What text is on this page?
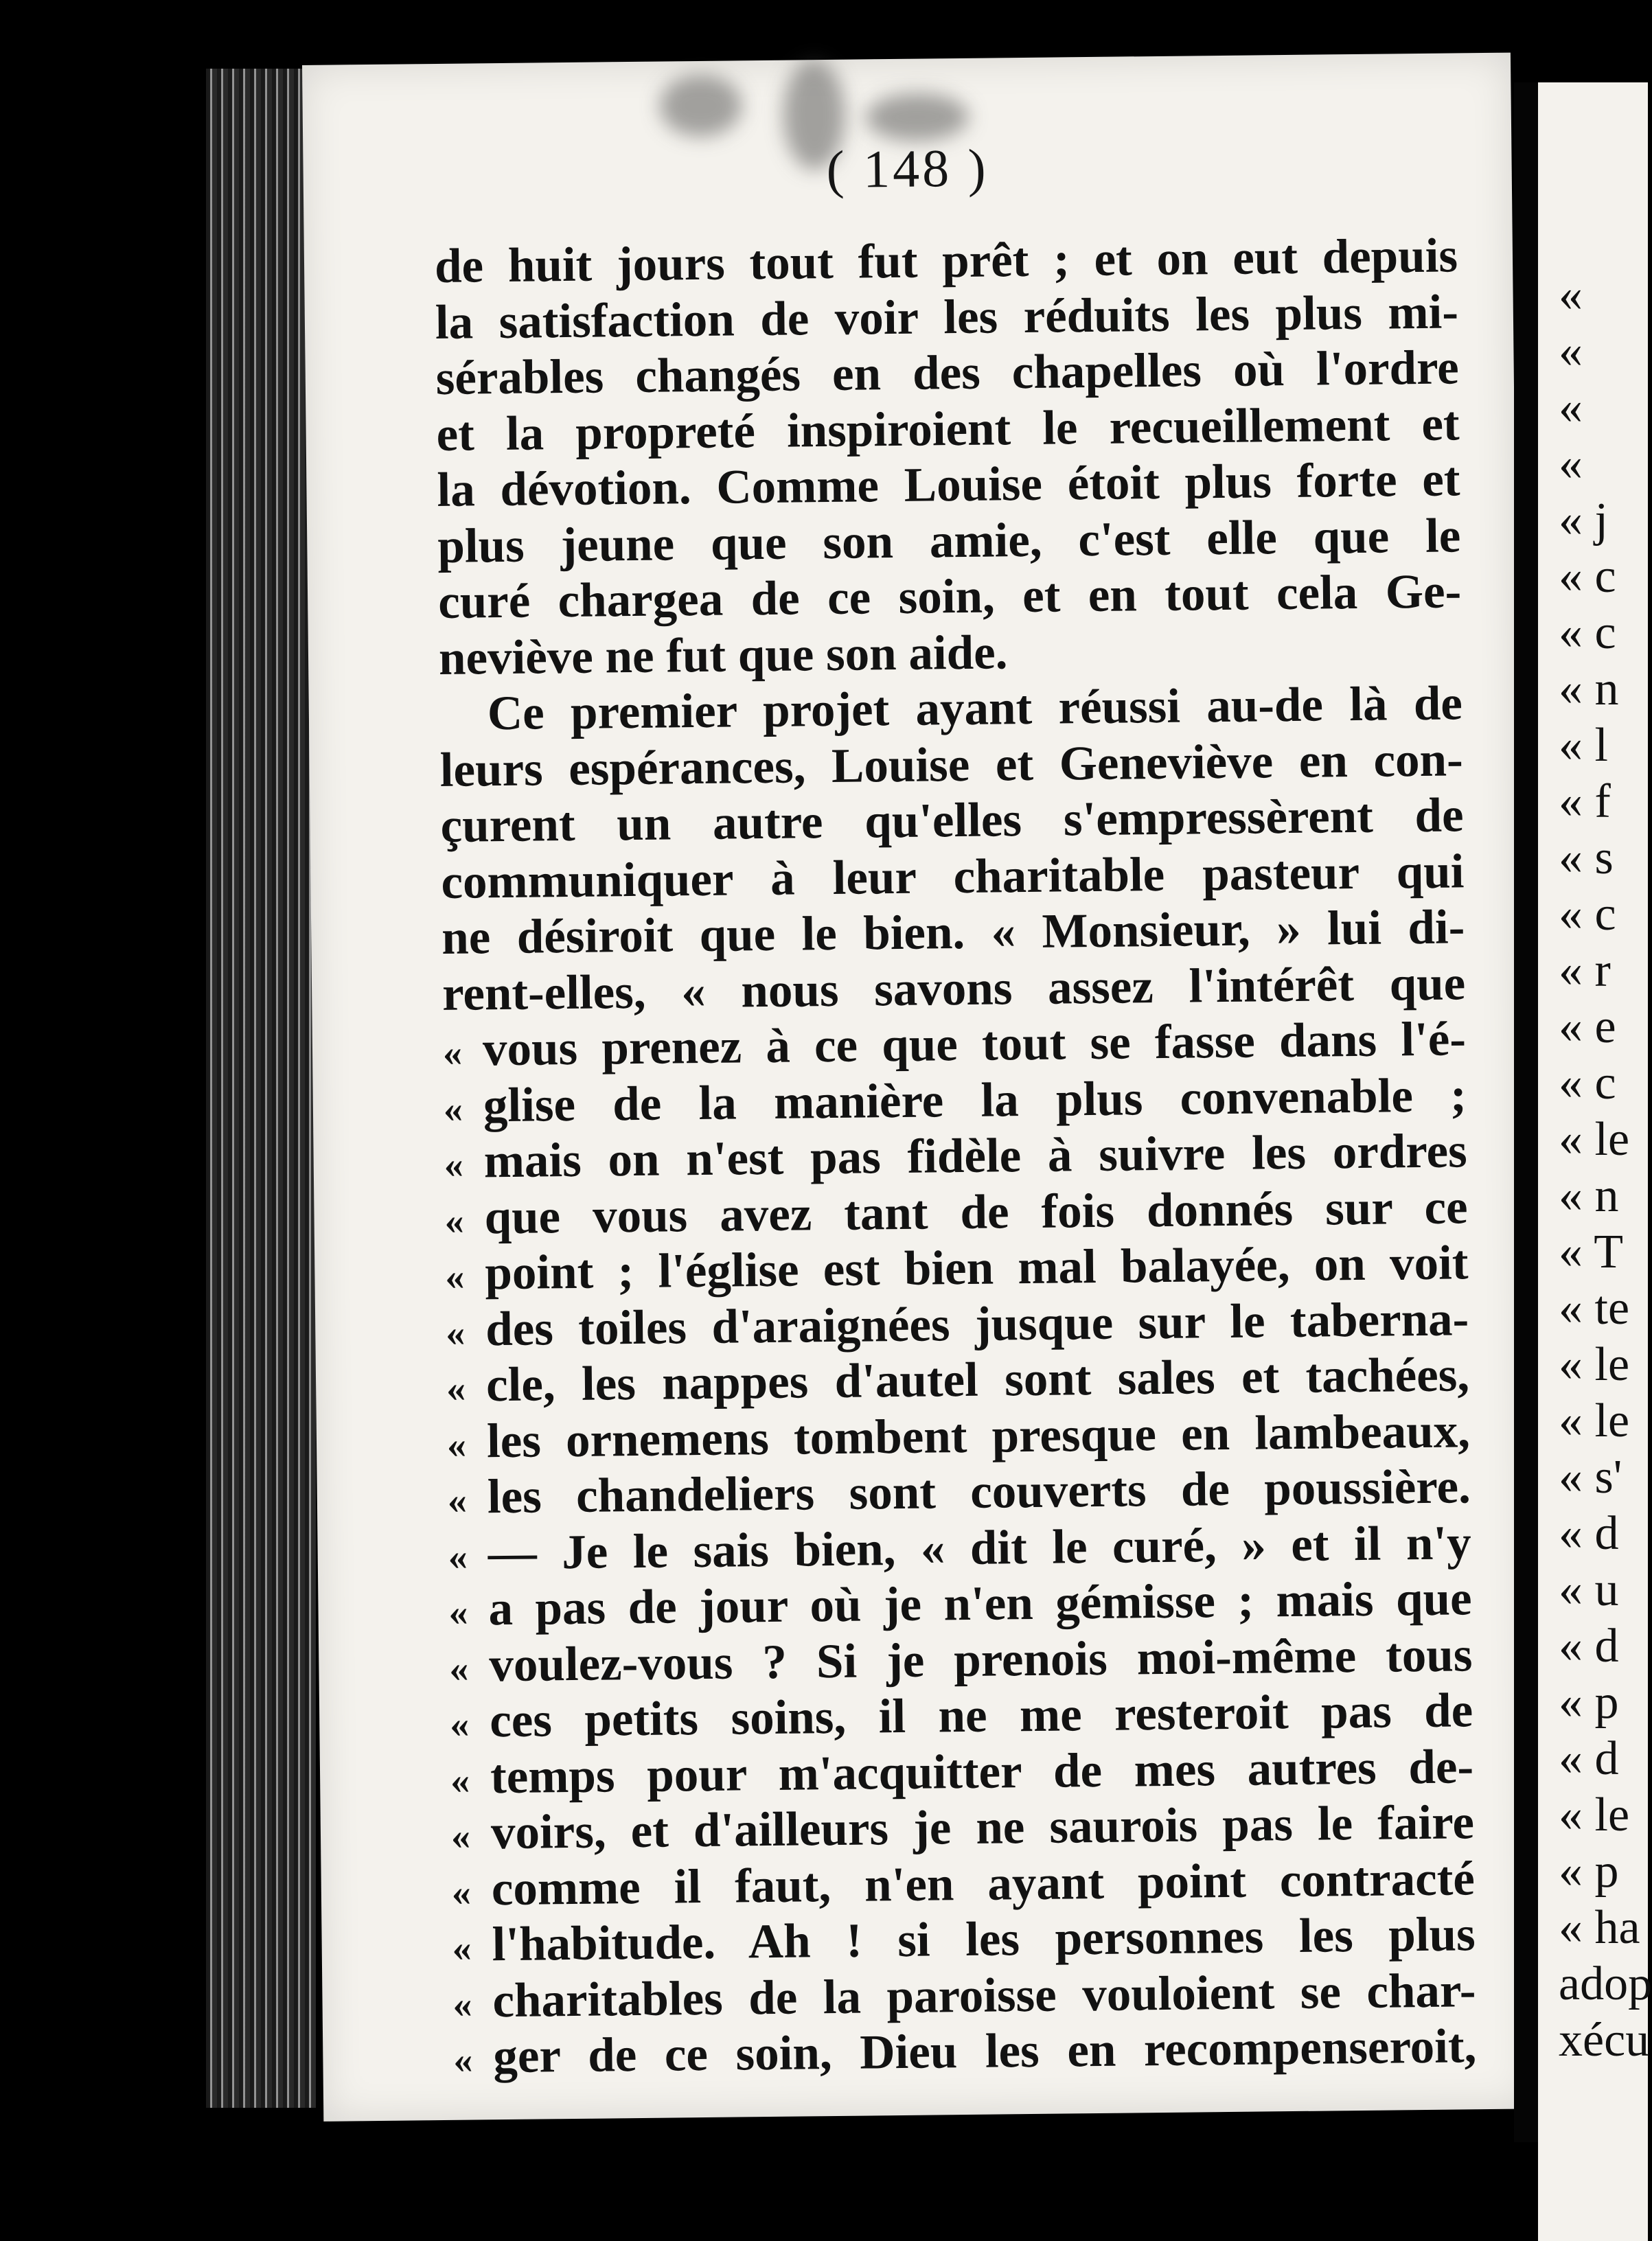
( 148 )
de huit jours tout fut prêt ; et on eut depuis
la satisfaction de voir les réduits les plus mi-
sérables changés en des chapelles où l'ordre
et la propreté inspiroient le recueillement et
la dévotion. Comme Louise étoit plus forte et
plus jeune que son amie, c'est elle que le
curé chargea de ce soin, et en tout cela Ge-
neviève ne fut que son aide.
Ce premier projet ayant réussi au-de là de
leurs espérances, Louise et Geneviève en con-
çurent un autre qu'elles s'empressèrent de
communiquer à leur charitable pasteur qui
ne désiroit que le bien. « Monsieur, » lui di-
rent-elles, « nous savons assez l'intérêt que
« vous prenez à ce que tout se fasse dans l'é-
« glise de la manière la plus convenable ;
« mais on n'est pas fidèle à suivre les ordres
« que vous avez tant de fois donnés sur ce
« point ; l'église est bien mal balayée, on voit
« des toiles d'araignées jusque sur le taberna-
« cle, les nappes d'autel sont sales et tachées,
« les ornemens tombent presque en lambeaux,
« les chandeliers sont couverts de poussière.
« — Je le sais bien, « dit le curé, » et il n'y
« a pas de jour où je n'en gémisse ; mais que
« voulez-vous ? Si je prenois moi-même tous
« ces petits soins, il ne me resteroit pas de
« temps pour m'acquitter de mes autres de-
« voirs, et d'ailleurs je ne saurois pas le faire
« comme il faut, n'en ayant point contracté
« l'habitude. Ah ! si les personnes les plus
« charitables de la paroisse vouloient se char-
« ger de ce soin, Dieu les en recompenseroit,
«
«
«
«
« j
« c
« c
« n
« l
« f
« s
« c
« r
« e
« c
« le
« n
« T
« te
« le
« le
« s'
« d
« u
« d
« p
« d
« le
« p
« ha
adop
xécu
